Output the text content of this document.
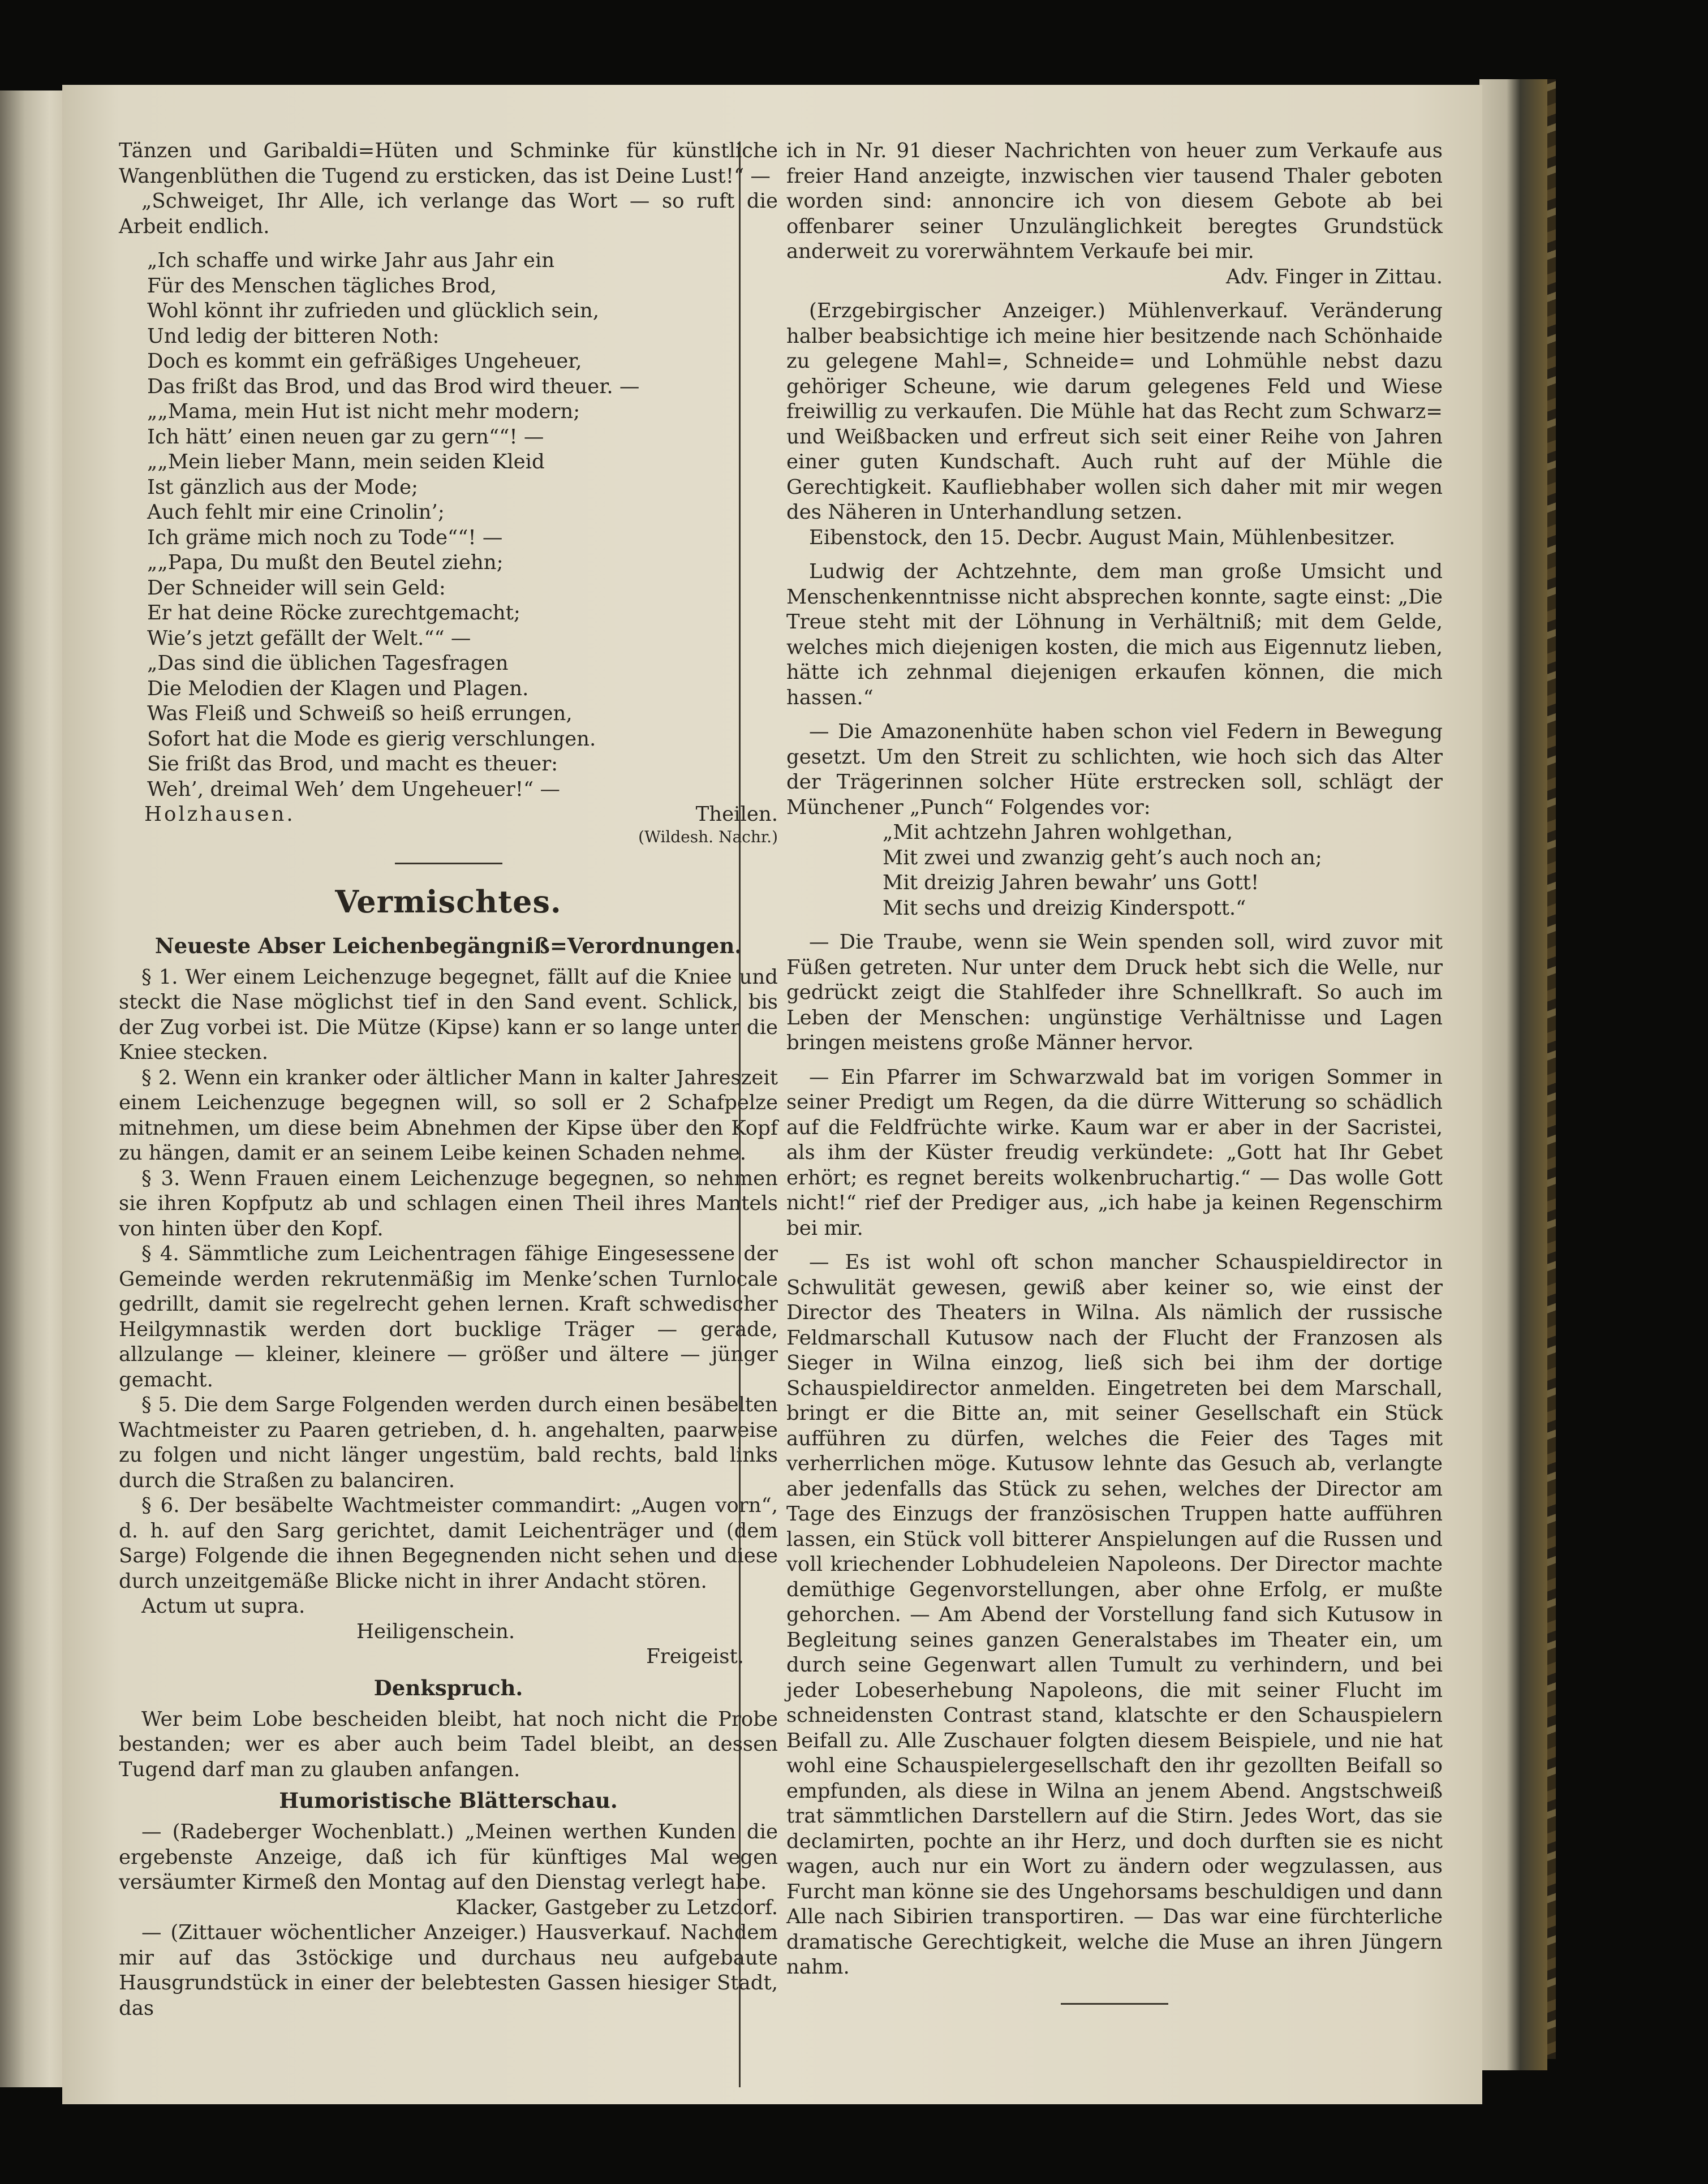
Tänzen und Garibaldi=Hüten und Schminke für künstliche Wangenblüthen die Tugend zu ersticken, das ist Deine Lust!“ —

„Schweiget, Ihr Alle, ich verlange das Wort — so ruft die Arbeit endlich.

„Ich schaffe und wirke Jahr aus Jahr ein

Für des Menschen tägliches Brod,

Wohl könnt ihr zufrieden und glücklich sein,

Und ledig der bitteren Noth:

Doch es kommt ein gefräßiges Ungeheuer,

Das frißt das Brod, und das Brod wird theuer. —

„„Mama, mein Hut ist nicht mehr modern;

Ich hätt’ einen neuen gar zu gern““! —

„„Mein lieber Mann, mein seiden Kleid

Ist gänzlich aus der Mode;

Auch fehlt mir eine Crinolin’;

Ich gräme mich noch zu Tode““! —

„„Papa, Du mußt den Beutel ziehn;

Der Schneider will sein Geld:

Er hat deine Röcke zurechtgemacht;

Wie’s jetzt gefällt der Welt.““ —

„Das sind die üblichen Tagesfragen

Die Melodien der Klagen und Plagen.

Was Fleiß und Schweiß so heiß errungen,

Sofort hat die Mode es gierig verschlungen.

Sie frißt das Brod, und macht es theuer:

Weh’, dreimal Weh’ dem Ungeheuer!“ —

Holzhausen.	Theilen.

(Wildesh. Nachr.)

Vermischtes.
Neueste Abser Leichenbegängniß=Verordnungen.

§ 1. Wer einem Leichenzuge begegnet, fällt auf die Kniee und steckt die Nase möglichst tief in den Sand event. Schlick, bis der Zug vorbei ist. Die Mütze (Kipse) kann er so lange unter die Kniee stecken.

§ 2. Wenn ein kranker oder ältlicher Mann in kalter Jahreszeit einem Leichenzuge begegnen will, so soll er 2 Schafpelze mitnehmen, um diese beim Abnehmen der Kipse über den Kopf zu hängen, damit er an seinem Leibe keinen Schaden nehme.

§ 3. Wenn Frauen einem Leichenzuge begegnen, so nehmen sie ihren Kopfputz ab und schlagen einen Theil ihres Mantels von hinten über den Kopf.

§ 4. Sämmtliche zum Leichentragen fähige Eingesessene der Gemeinde werden rekrutenmäßig im Menke’schen Turnlocale gedrillt, damit sie regelrecht gehen lernen. Kraft schwedischer Heilgymnastik werden dort bucklige Träger — gerade, allzulange — kleiner, kleinere — größer und ältere — jünger gemacht.

§ 5. Die dem Sarge Folgenden werden durch einen besäbelten Wachtmeister zu Paaren getrieben, d. h. angehalten, paarweise zu folgen und nicht länger ungestüm, bald rechts, bald links durch die Straßen zu balanciren.

§ 6. Der besäbelte Wachtmeister commandirt: „Augen vorn“, d. h. auf den Sarg gerichtet, damit Leichenträger und (dem Sarge) Folgende die ihnen Begegnenden nicht sehen und diese durch unzeitgemäße Blicke nicht in ihrer Andacht stören.

Actum ut supra.

Heiligenschein.

Freigeist.

Denkspruch.

Wer beim Lobe bescheiden bleibt, hat noch nicht die Probe bestanden; wer es aber auch beim Tadel bleibt, an dessen Tugend darf man zu glauben anfangen.

Humoristische Blätterschau.

— (Radeberger Wochenblatt.) „Meinen werthen Kunden die ergebenste Anzeige, daß ich für künftiges Mal wegen versäumter Kirmeß den Montag auf den Dienstag verlegt habe.

Klacker, Gastgeber zu Letzdorf.

— (Zittauer wöchentlicher Anzeiger.) Hausverkauf. Nachdem mir auf das 3stöckige und durchaus neu aufgebaute Hausgrundstück in einer der belebtesten Gassen hiesiger Stadt, das

ich in Nr. 91 dieser Nachrichten von heuer zum Verkaufe aus freier Hand anzeigte, inzwischen vier tausend Thaler geboten worden sind: annoncire ich von diesem Gebote ab bei offenbarer seiner Unzulänglichkeit beregtes Grundstück anderweit zu vorerwähntem Verkaufe bei mir.

Adv. Finger in Zittau.

(Erzgebirgischer Anzeiger.) Mühlenverkauf. Veränderung halber beabsichtige ich meine hier besitzende nach Schönhaide zu gelegene Mahl=, Schneide= und Lohmühle nebst dazu gehöriger Scheune, wie darum gelegenes Feld und Wiese freiwillig zu verkaufen. Die Mühle hat das Recht zum Schwarz= und Weißbacken und erfreut sich seit einer Reihe von Jahren einer guten Kundschaft. Auch ruht auf der Mühle die Gerechtigkeit. Kaufliebhaber wollen sich daher mit mir wegen des Näheren in Unterhandlung setzen.

Eibenstock, den 15. Decbr. August Main, Mühlenbesitzer.

Ludwig der Achtzehnte, dem man große Umsicht und Menschenkenntnisse nicht absprechen konnte, sagte einst: „Die Treue steht mit der Löhnung in Verhältniß; mit dem Gelde, welches mich diejenigen kosten, die mich aus Eigennutz lieben, hätte ich zehnmal diejenigen erkaufen können, die mich hassen.“

— Die Amazonenhüte haben schon viel Federn in Bewegung gesetzt. Um den Streit zu schlichten, wie hoch sich das Alter der Trägerinnen solcher Hüte erstrecken soll, schlägt der Münchener „Punch“ Folgendes vor:

„Mit achtzehn Jahren wohlgethan,

Mit zwei und zwanzig geht’s auch noch an;

Mit dreizig Jahren bewahr’ uns Gott!

Mit sechs und dreizig Kinderspott.“

— Die Traube, wenn sie Wein spenden soll, wird zuvor mit Füßen getreten. Nur unter dem Druck hebt sich die Welle, nur gedrückt zeigt die Stahlfeder ihre Schnellkraft. So auch im Leben der Menschen: ungünstige Verhältnisse und Lagen bringen meistens große Männer hervor.

— Ein Pfarrer im Schwarzwald bat im vorigen Sommer in seiner Predigt um Regen, da die dürre Witterung so schädlich auf die Feldfrüchte wirke. Kaum war er aber in der Sacristei, als ihm der Küster freudig verkündete: „Gott hat Ihr Gebet erhört; es regnet bereits wolkenbruchartig.“ — Das wolle Gott nicht!“ rief der Prediger aus, „ich habe ja keinen Regenschirm bei mir.

— Es ist wohl oft schon mancher Schauspieldirector in Schwulität gewesen, gewiß aber keiner so, wie einst der Director des Theaters in Wilna. Als nämlich der russische Feldmarschall Kutusow nach der Flucht der Franzosen als Sieger in Wilna einzog, ließ sich bei ihm der dortige Schauspieldirector anmelden. Eingetreten bei dem Marschall, bringt er die Bitte an, mit seiner Gesellschaft ein Stück aufführen zu dürfen, welches die Feier des Tages mit verherrlichen möge. Kutusow lehnte das Gesuch ab, verlangte aber jedenfalls das Stück zu sehen, welches der Director am Tage des Einzugs der französischen Truppen hatte aufführen lassen, ein Stück voll bitterer Anspielungen auf die Russen und voll kriechender Lobhudeleien Napoleons. Der Director machte demüthige Gegenvorstellungen, aber ohne Erfolg, er mußte gehorchen. — Am Abend der Vorstellung fand sich Kutusow in Begleitung seines ganzen Generalstabes im Theater ein, um durch seine Gegenwart allen Tumult zu verhindern, und bei jeder Lobeserhebung Napoleons, die mit seiner Flucht im schneidensten Contrast stand, klatschte er den Schauspielern Beifall zu. Alle Zuschauer folgten diesem Beispiele, und nie hat wohl eine Schauspielergesellschaft den ihr gezollten Beifall so empfunden, als diese in Wilna an jenem Abend. Angstschweiß trat sämmtlichen Darstellern auf die Stirn. Jedes Wort, das sie declamirten, pochte an ihr Herz, und doch durften sie es nicht wagen, auch nur ein Wort zu ändern oder wegzulassen, aus Furcht man könne sie des Ungehorsams beschuldigen und dann Alle nach Sibirien transportiren. — Das war eine fürchterliche dramatische Gerechtigkeit, welche die Muse an ihren Jüngern nahm.
